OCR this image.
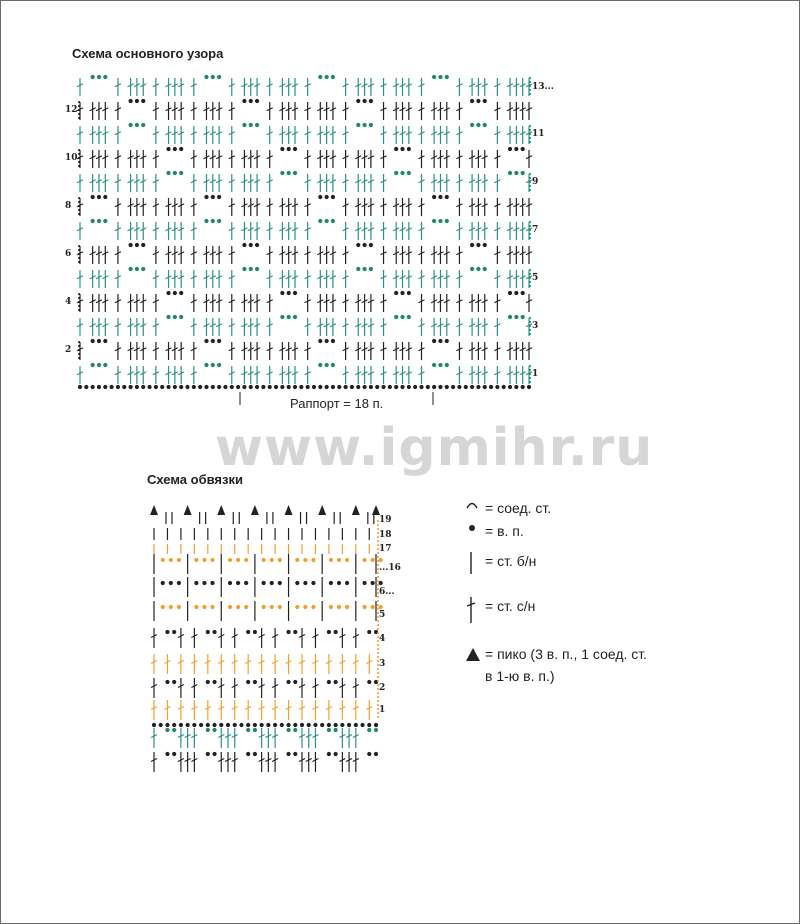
Схема основного узора
Схема обвязки
Раппорт = 18 п.
www.igmihr.ru
12
10
8
6
4
2
13...
11
9
7
5
3
1
19
18
17
...16
6...
5
4
3
2
1
= соед. ст.
= в. п.
= ст. б/н
= ст. с/н
= пико (3 в. п., 1 соед. ст.
в 1-ю в. п.)
